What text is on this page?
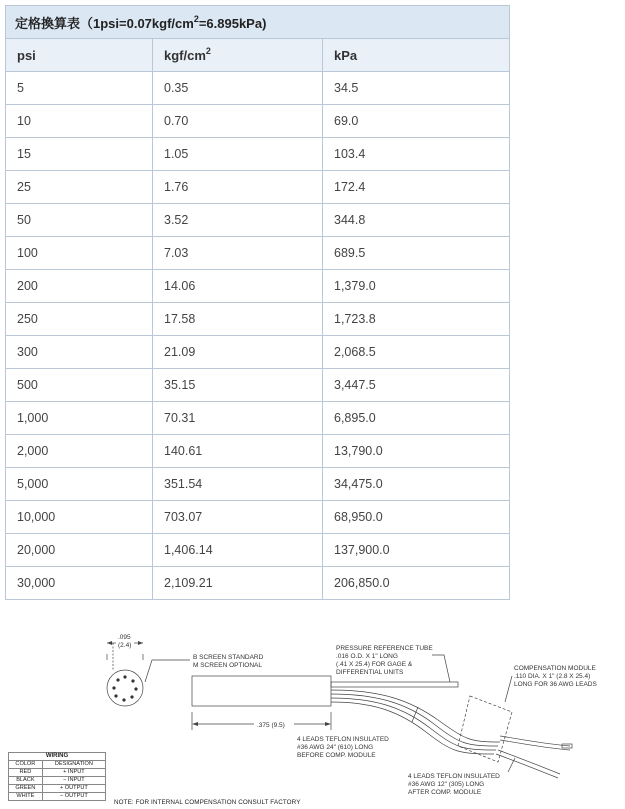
定格換算表$(1psi=0.07kgf/cm^2=6.895kPa)$		
psi	kgf/$cm^2$	kPa
5	0.35	34.5
10	0.70	69.0
15	1.05	103.4
25	1.76	172.4
50	3.52	344.8
100	7.03	689.5
200	14.06	1,379.0
250	17.58	1,723.8
300	21.09	2,068.5
500	35.15	3,447.5
1,000	70.31	6,895.0
2,000	140.61	13,790.0
5,000	351.54	34,475.0
10,000	703.07	68,950.0
20,000	1,406.14	137,900.0
30,000	2,109.21	206,850.0
.095
(2.4)
B SCREEN STANDARD
M SCREEN OPTIONAL
PRESSURE REFERENCE TUBE
.016 O.D. X 1" LONG
(.41 X 25.4) FOR GAGE &
DIFFERENTIAL UNITS
COMPENSATION MODULE
.110 DIA. X 1" (2.8 X 25.4)
LONG FOR 36 AWG LEADS
.375 (9.5)
4 LEADS TEFLON INSULATED
#36 AWG 24" (610) LONG
BEFORE COMP. MODULE
4 LEADS TEFLON INSULATED
#36 AWG 12" (305) LONG
AFTER COMP. MODULE
WIRING	
COLOR	DESIGNATION
RED	+ INPUT
BLACK	− INPUT
GREEN	+ OUTPUT
WHITE	− OUTPUT
NOTE: FOR INTERNAL COMPENSATION CONSULT FACTORY
